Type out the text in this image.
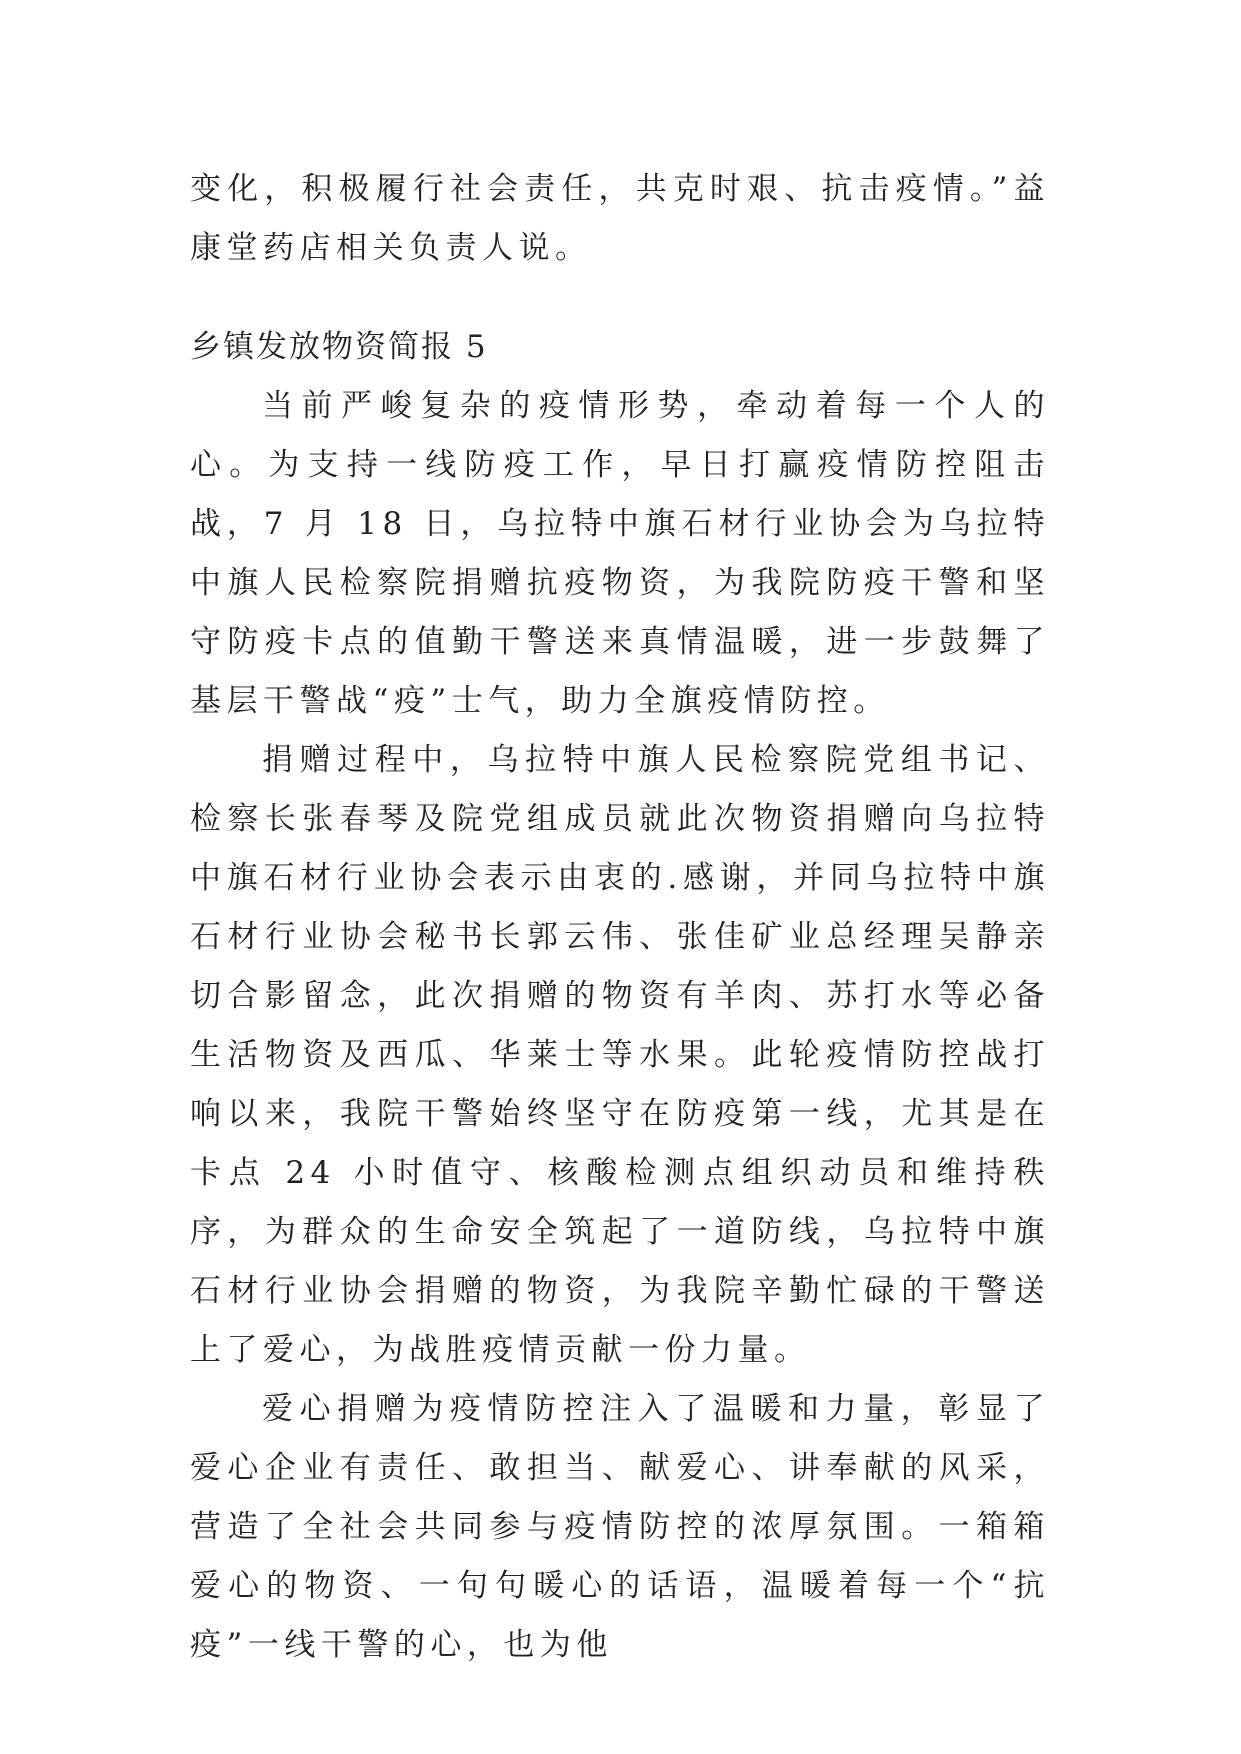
变化，积极履行社会责任，共克时艰、抗击疫情。”益康堂药店相关负责人说。

乡镇发放物资简报 5

当前严峻复杂的疫情形势，牵动着每一个人的心。为支持一线防疫工作，早日打赢疫情防控阻击战，7 月 18 日，乌拉特中旗石材行业协会为乌拉特中旗人民检察院捐赠抗疫物资，为我院防疫干警和坚守防疫卡点的值勤干警送来真情温暖，进一步鼓舞了基层干警战“疫”士气，助力全旗疫情防控。

捐赠过程中，乌拉特中旗人民检察院党组书记、检察长张春琴及院党组成员就此次物资捐赠向乌拉特中旗石材行业协会表示由衷的.感谢，并同乌拉特中旗石材行业协会秘书长郭云伟、张佳矿业总经理吴静亲切合影留念，此次捐赠的物资有羊肉、苏打水等必备生活物资及西瓜、华莱士等水果。此轮疫情防控战打响以来，我院干警始终坚守在防疫第一线，尤其是在卡点 24 小时值守、核酸检测点组织动员和维持秩序，为群众的生命安全筑起了一道防线，乌拉特中旗石材行业协会捐赠的物资，为我院辛勤忙碌的干警送上了爱心，为战胜疫情贡献一份力量。

爱心捐赠为疫情防控注入了温暖和力量，彰显了爱心企业有责任、敢担当、献爱心、讲奉献的风采，营造了全社会共同参与疫情防控的浓厚氛围。一箱箱爱心的物资、一句句暖心的话语，温暖着每一个“抗疫”一线干警的心，也为他
